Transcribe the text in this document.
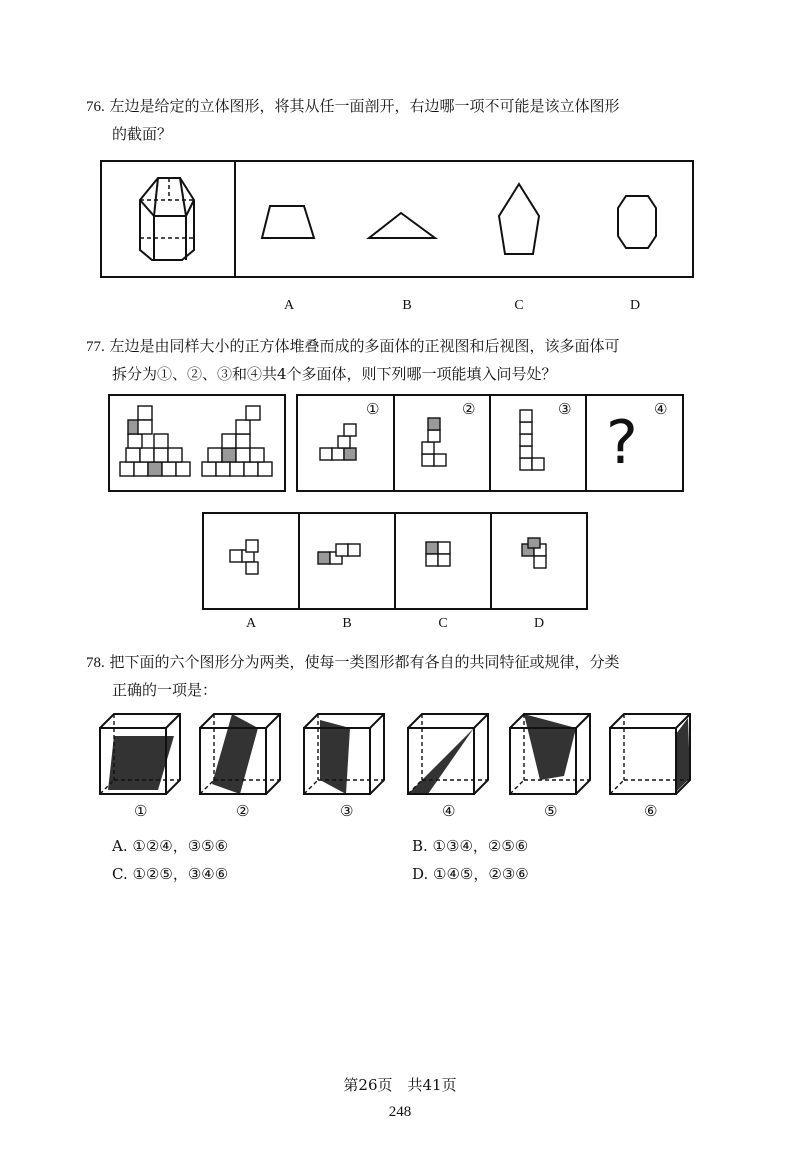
76. 左边是给定的立体图形，将其从任一面剖开，右边哪一项不可能是该立体图形
的截面？
A	B	C	D
77. 左边是由同样大小的正方体堆叠而成的多面体的正视图和后视图，该多面体可
拆分为①、②、③和④共4个多面体，则下列哪一项能填入问号处？
①	②	③	④
?
A	B	C	D
78. 把下面的六个图形分为两类，使每一类图形都有各自的共同特征或规律，分类
正确的一项是：
①	②	③	④	⑤	⑥
A. ①②④，③⑤⑥	B. ①③④，②⑤⑥
C. ①②⑤，③④⑥	D. ①④⑤，②③⑥
第26页　共41页
248
